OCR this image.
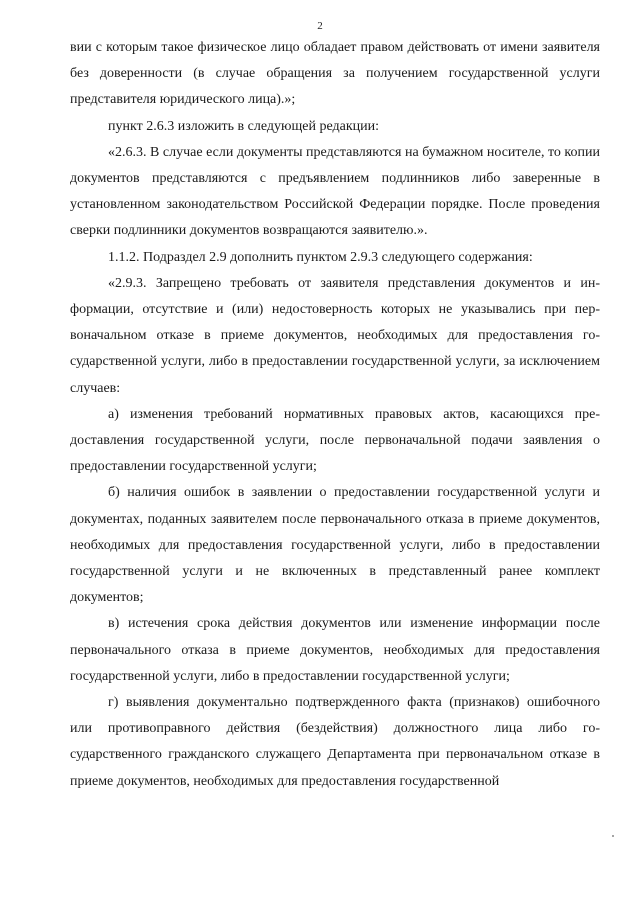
2

вии с которым такое физическое лицо обладает правом действовать от имени заявителя без доверенности (в случае обращения за получением государственной услуги представителя юридического лица).»;

пункт 2.6.3 изложить в следующей редакции:

«2.6.3. В случае если документы представляются на бумажном носителе, то копии документов представляются с предъявлением подлинников либо заверенные в установленном законодательством Российской Федерации порядке. После проведения сверки подлинники документов возвращаются заявителю.».

1.1.2. Подраздел 2.9 дополнить пунктом 2.9.3 следующего содержания:

«2.9.3. Запрещено требовать от заявителя представления документов и информации, отсутствие и (или) недостоверность которых не указывались при первоначальном отказе в приеме документов, необходимых для предоставления государственной услуги, либо в предоставлении государственной услуги, за исключением случаев:

а) изменения требований нормативных правовых актов, касающихся предоставления государственной услуги, после первоначальной подачи заявления о предоставлении государственной услуги;

б) наличия ошибок в заявлении о предоставлении государственной услуги и документах, поданных заявителем после первоначального отказа в приеме документов, необходимых для предоставления государственной услуги, либо в предоставлении государственной услуги и не включенных в представленный ранее комплект документов;

в) истечения срока действия документов или изменение информации после первоначального отказа в приеме документов, необходимых для предоставления государственной услуги, либо в предоставлении государственной услуги;

г) выявления документально подтвержденного факта (признаков) ошибочного или противоправного действия (бездействия) должностного лица либо государственного гражданского служащего Департамента при первоначальном отказе в приеме документов, необходимых для предоставления государственной
